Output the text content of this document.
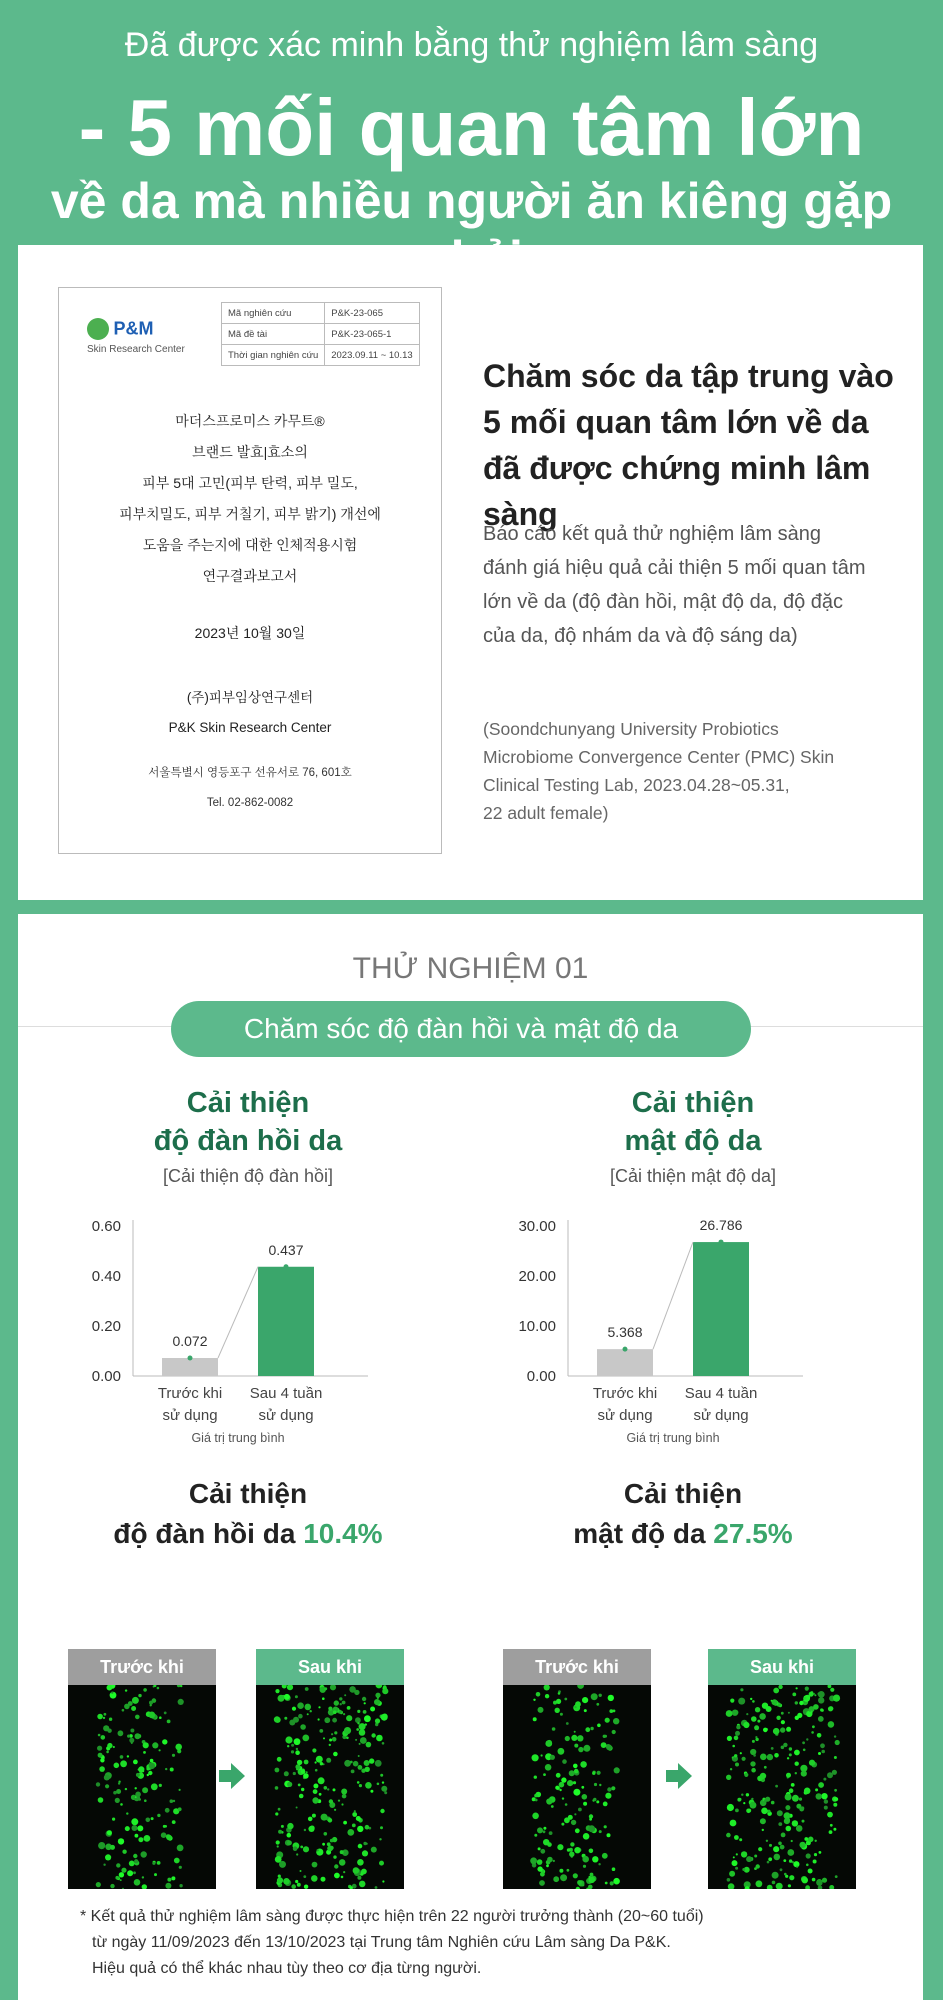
Đã được xác minh bằng thử nghiệm lâm sàng
- 5 mối quan tâm lớn
về da mà nhiều người ăn kiêng gặp
P&M
Skin Research Center
Mã nghiên cứu	P&K-23-065
Mã đề tài	P&K-23-065-1
Thời gian nghiên cứu	2023.09.11 ~ 10.13
마더스프로미스 카무트®
브랜드 발효|효소의
피부 5대 고민(피부 탄력, 피부 밀도,
피부치밀도, 피부 거칠기, 피부 밝기) 개선에
도움을 주는지에 대한 인체적용시험
연구결과보고서
2023년 10월 30일
(주)피부임상연구센터
P&K Skin Research Center
서울특별시 영등포구 선유서로 76, 601호
Tel. 02-862-0082
Chăm sóc da tập trung vào
5 mối quan tâm lớn về da
đã được chứng minh lâm sàng
Báo cáo kết quả thử nghiệm lâm sàng
đánh giá hiệu quả cải thiện 5 mối quan tâm
lớn về da (độ đàn hồi, mật độ da, độ đặc
của da, độ nhám da và độ sáng da)
(Soondchunyang University Probiotics
Microbiome Convergence Center (PMC) Skin
Clinical Testing Lab, 2023.04.28~05.31,
22 adult female)
THỬ NGHIỆM 01
Chăm sóc độ đàn hồi và mật độ da
Cải thiện
độ đàn hồi da
[Cải thiện độ đàn hồi]
0.00
0.20
0.40
0.60
0.072
Trước khi
sử dụng
0.437
Sau 4 tuần
sử dụng
Giá trị trung bình
Cải thiện
độ đàn hồi da 10.4%
Trước khi	Sau khi
Cải thiện
mật độ da
[Cải thiện mật độ da]
0.00
10.00
20.00
30.00
5.368
Trước khi
sử dụng
26.786
Sau 4 tuần
sử dụng
Giá trị trung bình
Cải thiện
mật độ da 27.5%
Trước khi	Sau khi
* Kết quả thử nghiệm lâm sàng được thực hiện trên 22 người trưởng thành (20~60 tuổi)
từ ngày 11/09/2023 đến 13/10/2023 tại Trung tâm Nghiên cứu Lâm sàng Da P&K.
Hiệu quả có thể khác nhau tùy theo cơ địa từng người.
